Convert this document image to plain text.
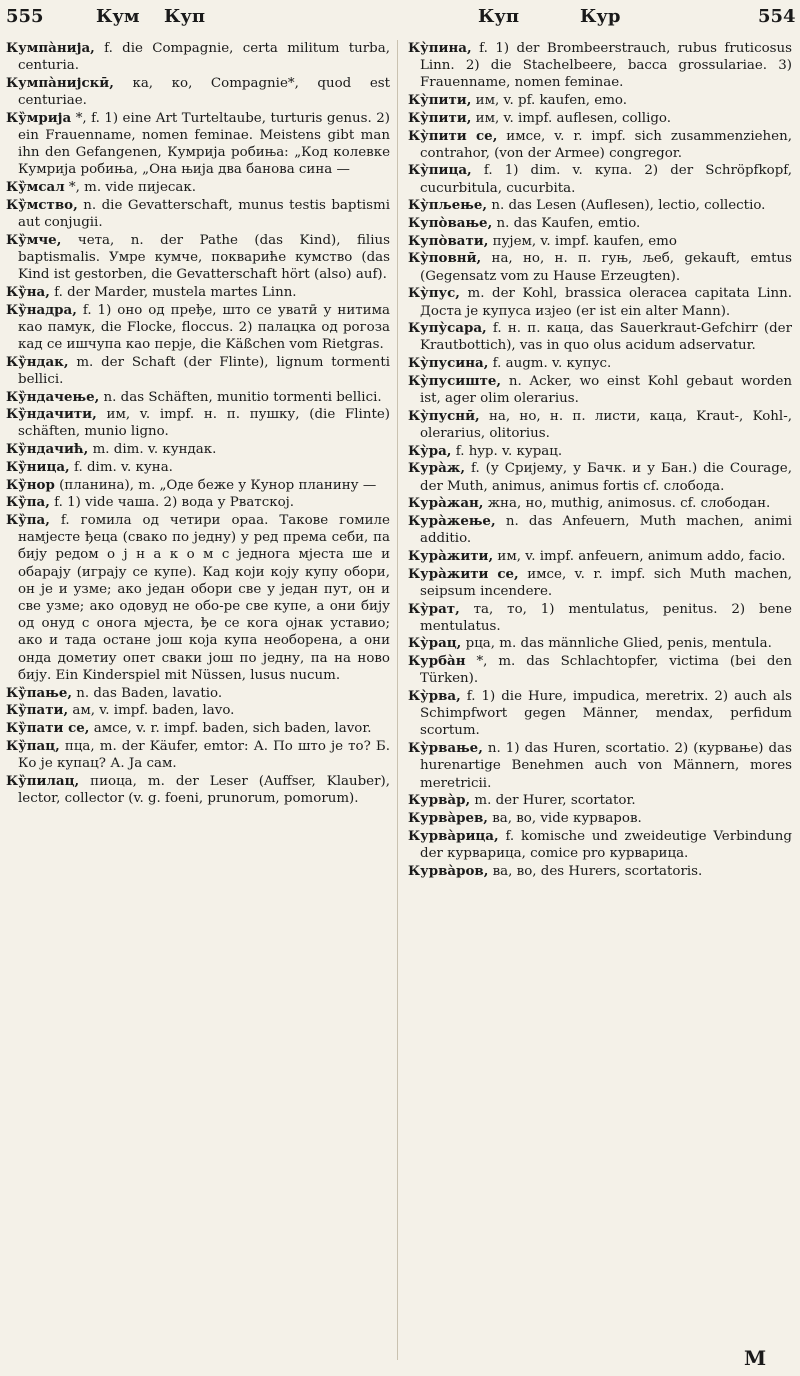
555	Кум Куп	Куп	Кур	554
Кумпа̀нија, f. die Compagnie, certa militum turba, centuria.
Кумпа̀нијскӣ, ка, ко, Compagnie*, quod est centuriae.
Ку̏мрија *, f. 1) eine Art Turteltaube, turturis genus. 2) ein Frauenname, nomen feminae. Meistens gibt man ihn den Gefangenen, Кумрија робиња: „Код колевке Кумрија робиња, „Она њија два банова сина —
Ку̏мсал *, m. vide пијесак.
Ку̏мство, n. die Gevatterschaft, munus testis baptismi aut conjugii.
Ку̏мче, чета, n. der Pathe (das Kind), filius baptismalis. Умре кумче, поквариће кумство (das Kind ist gestorben, die Gevatterschaft hört (also) auf).
Ку̏на, f. der Marder, mustela martes Linn.
Ку̏надра, f. 1) оно од пређе, што се уватӣ у нитима као памук, die Flocke, floccus. 2) палацка од рогоза кад се ишчупа као перје, die Käßchen vom Rietgras.
Ку̏ндак, m. der Schaft (der Flinte), lignum tormenti bellici.
Ку̏ндачење, n. das Schäften, munitio tormenti bellici.
Ку̏ндачити, им, v. impf. н. п. пушку, (die Flinte) schäften, munio ligno.
Ку̏ндачић, m. dim. v. кундак.
Ку̏ница, f. dim. v. куна.
Ку̏нор (планина), m. „Оде беже у Кунор планину —
Ку̏па, f. 1) vide чаша. 2) вода у Рватској.
Ку̏па, f. гомила од четири ораа. Такове гомиле намјесте ђеца (свако по једну) у ред према себи, па бију редом о ј н а к о м с једнога мјеста ше и обарају (играју се купе). Кад који коју купу обори, он је и узме; ако један обори све у један пут, он и све узме; ако одовуд не обо-ре све купе, а они бију од онуд с онога мјеста, ђе се кога ојнак уставио; ако и тада остане још која купа необорена, а они онда дометиу опет сваки још по једну, па на ново бију. Ein Kinderspiel mit Nüssen, lusus nucum.
Ку̏пање, n. das Baden, lavatio.
Ку̏пати, ам, v. impf. baden, lavo.
Ку̏пати се, амсе, v. r. impf. baden, sich baden, lavor.
Ку̏пац, пца, m. der Käufer, emtor: А. По што је то? Б. Ко је купац? А. Ја сам.
Ку̏пилац, пиоца, m. der Leser (Auffser, Klauber), lector, collector (v. g. foeni, prunorum, pomorum).
Ку̀пина, f. 1) der Brombeerstrauch, rubus fruticosus Linn. 2) die Stachelbeere, bacca grossulariae. 3) Frauenname, nomen feminae.
Ку̀пити, им, v. pf. kaufen, emo.
Ку̀пити, им, v. impf. auflesen, colligo.
Ку̀пити се, имсе, v. r. impf. sich zusammenziehen, contrahor, (von der Armee) congregor.
Ку̀пица, f. 1) dim. v. купа. 2) der Schröpfkopf, cucurbitula, cucurbita.
Ку̀пљење, n. das Lesen (Auflesen), lectio, collectio.
Купо̀вање, n. das Kaufen, emtio.
Купо̀вати, пујем, v. impf. kaufen, emo
Ку̀повнӣ, на, но, н. п. гуњ, љеб, gekauft, emtus (Gegensatz vom zu Hause Erzeugten).
Ку̀пус, m. der Kohl, brassica oleracea capitata Linn. Доста је купуса изјео (er ist ein alter Mann).
Купу̀сара, f. н. п. каца, das Sauerkraut-Gefchirr (der Krautbottich), vas in quo olus acidum adservatur.
Ку̀пусина, f. augm. v. купус.
Ку̀пусиште, n. Acker, wo einst Kohl gebaut worden ist, ager olim olerarius.
Ку̀пуснӣ, на, но, н. п. листи, каца, Kraut-, Kohl-, olerarius, olitorius.
Ку̀ра, f. hyp. v. курац.
Кура̀ж, f. (у Сријему, у Бачк. и у Бан.) die Courage, der Muth, animus, animus fortis cf. слобода.
Кура̀жан, жна, но, muthig, animosus. cf. слободан.
Кура̀жење, n. das Anfeuern, Muth machen, animi additio.
Кура̀жити, им, v. impf. anfeuern, animum addo, facio.
Кура̀жити се, имсе, v. r. impf. sich Muth machen, seipsum incendere.
Ку̀рат, та, то, 1) mentulatus, penitus. 2) bene mentulatus.
Ку̀рац, рца, m. das männliche Glied, penis, mentula.
Курба̀н *, m. das Schlachtopfer, victima (bei den Türken).
Ку̀рва, f. 1) die Hure, impudica, meretrix. 2) auch als Schimpfwort gegen Männer, mendax, perfidum scortum.
Ку̀рвање, n. 1) das Huren, scortatio. 2) (курвање) das hurenartige Benehmen auch von Männern, mores meretricii.
Курва̀р, m. der Hurer, scortator.
Курва̀рев, ва, во, vide курваров.
Курва̀рица, f. komische und zweideutige Verbindung der курварица, comice pro курварица.
Курва̀ров, ва, во, des Hurers, scortatoris.
M
